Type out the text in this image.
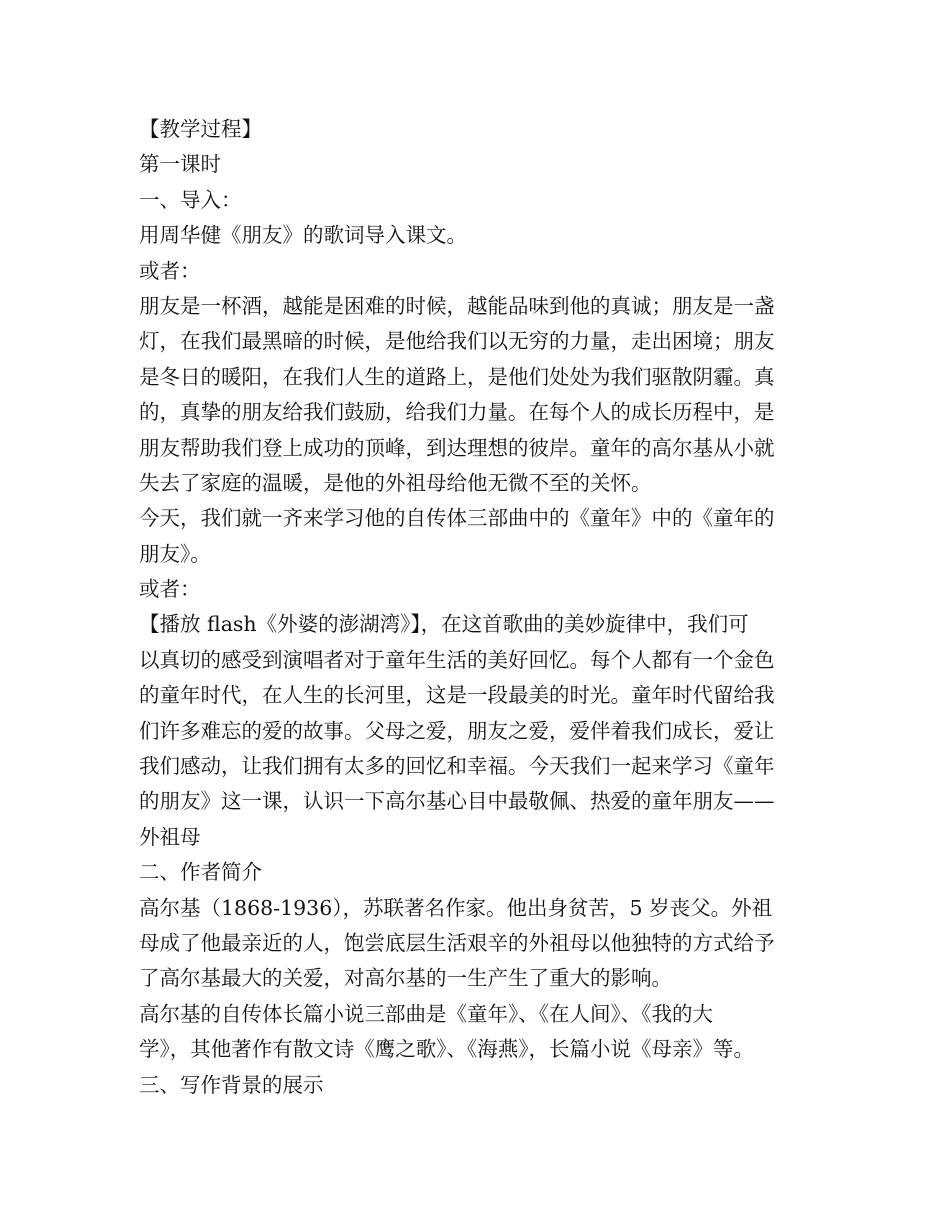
【教学过程】
第一课时
一、导入：
用周华健《朋友》的歌词导入课文。
或者：
朋友是一杯酒，越能是困难的时候，越能品味到他的真诚；朋友是一盏
灯，在我们最黑暗的时候，是他给我们以无穷的力量，走出困境；朋友
是冬日的暖阳，在我们人生的道路上，是他们处处为我们驱散阴霾。真
的，真挚的朋友给我们鼓励，给我们力量。在每个人的成长历程中，是
朋友帮助我们登上成功的顶峰，到达理想的彼岸。童年的高尔基从小就
失去了家庭的温暖，是他的外祖母给他无微不至的关怀。
今天，我们就一齐来学习他的自传体三部曲中的《童年》中的《童年的
朋友》。
或者：
【播放 flash《外婆的澎湖湾》】，在这首歌曲的美妙旋律中，我们可
以真切的感受到演唱者对于童年生活的美好回忆。每个人都有一个金色
的童年时代，在人生的长河里，这是一段最美的时光。童年时代留给我
们许多难忘的爱的故事。父母之爱，朋友之爱，爱伴着我们成长，爱让
我们感动，让我们拥有太多的回忆和幸福。今天我们一起来学习《童年
的朋友》这一课，认识一下高尔基心目中最敬佩、热爱的童年朋友——
外祖母
二、作者简介
高尔基（1868-1936），苏联著名作家。他出身贫苦，5 岁丧父。外祖
母成了他最亲近的人，饱尝底层生活艰辛的外祖母以他独特的方式给予
了高尔基最大的关爱，对高尔基的一生产生了重大的影响。
高尔基的自传体长篇小说三部曲是《童年》、《在人间》、《我的大
学》，其他著作有散文诗《鹰之歌》、《海燕》，长篇小说《母亲》等。
三、写作背景的展示
